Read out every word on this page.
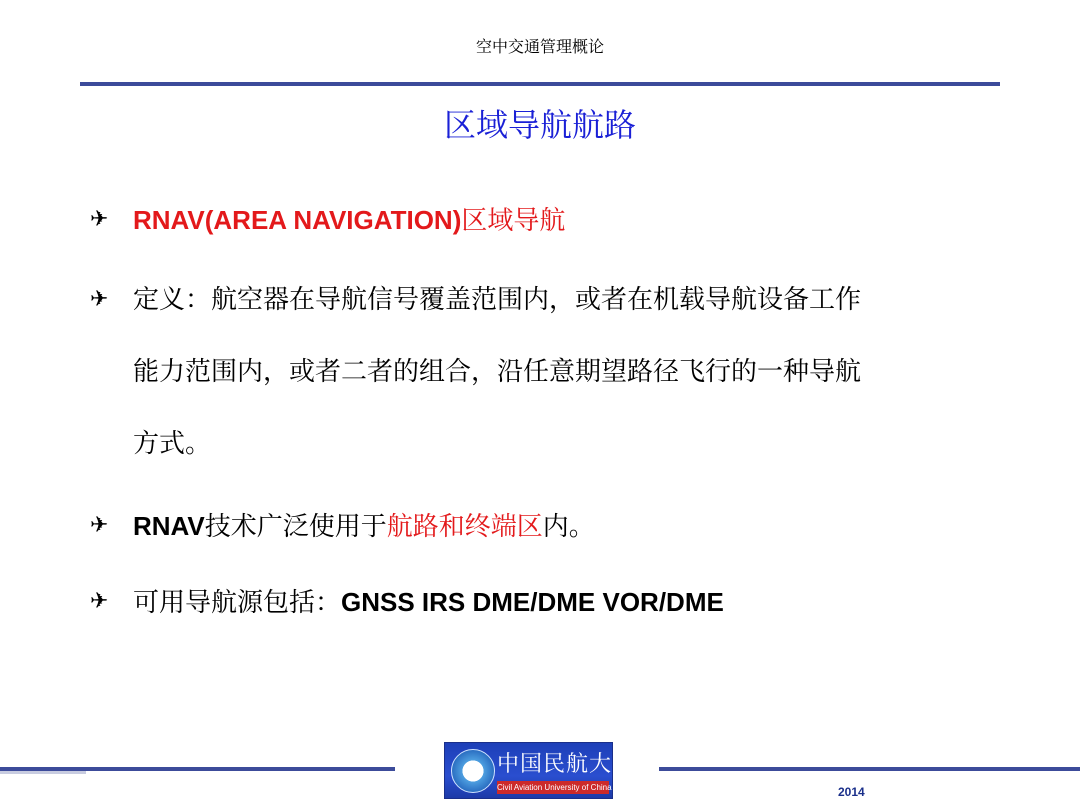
空中交通管理概论
区域导航航路
✈ RNAV(AREA NAVIGATION)区域导航
✈ 定义：航空器在导航信号覆盖范围内，或者在机载导航设备工作
能力范围内，或者二者的组合，沿任意期望路径飞行的一种导航
方式。
✈ RNAV技术广泛使用于航路和终端区内。
✈ 可用导航源包括：GNSS IRS DME/DME VOR/DME
中国民航大学
Civil Aviation University of China	2014
